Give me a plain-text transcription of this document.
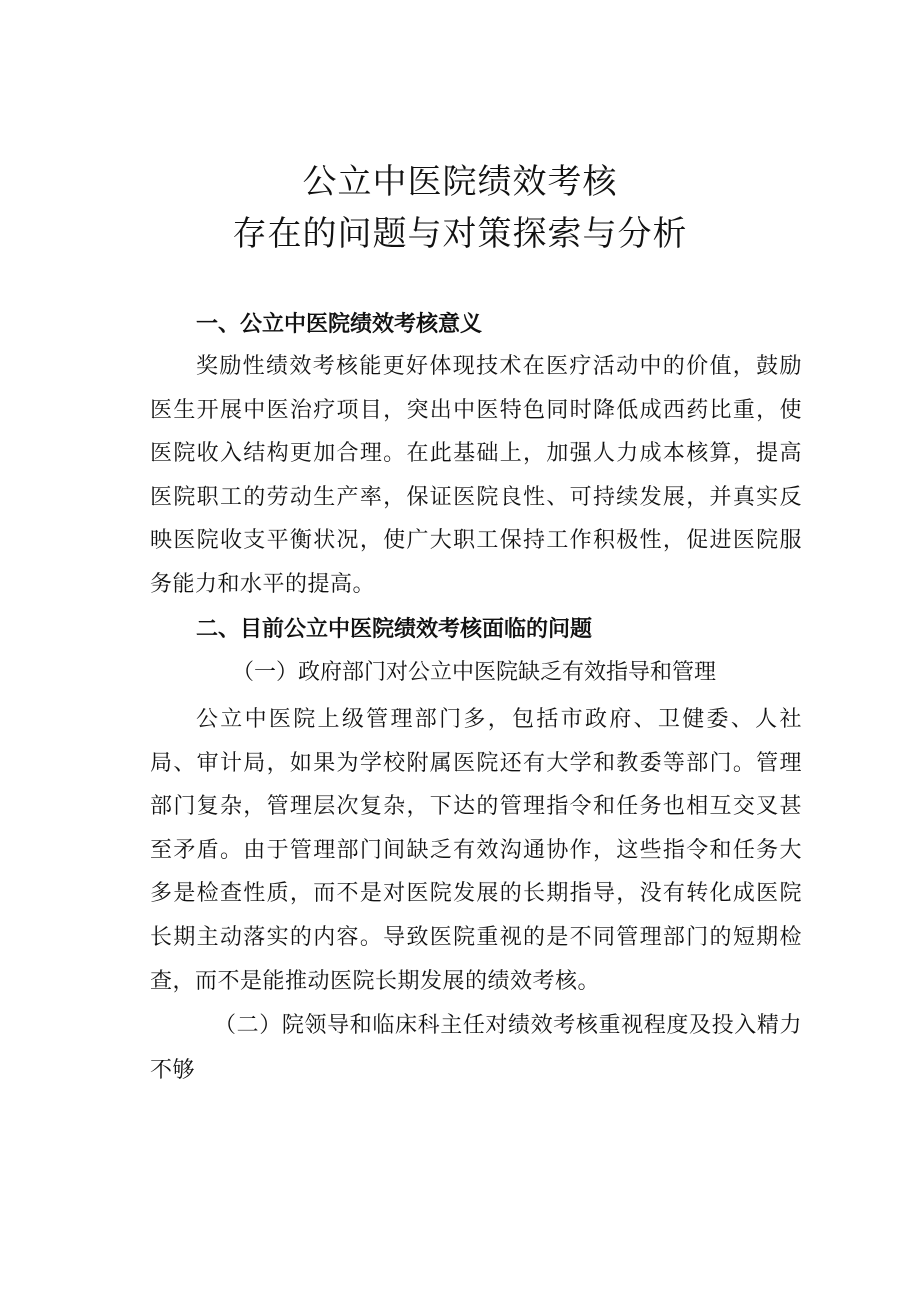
公立中医院绩效考核
存在的问题与对策探索与分析
一、公立中医院绩效考核意义

奖励性绩效考核能更好体现技术在医疗活动中的价值，鼓励医生开展中医治疗项目，突出中医特色同时降低成西药比重，使医院收入结构更加合理。在此基础上，加强人力成本核算，提高医院职工的劳动生产率，保证医院良性、可持续发展，并真实反映医院收支平衡状况，使广大职工保持工作积极性，促进医院服务能力和水平的提高。

二、目前公立中医院绩效考核面临的问题

（一）政府部门对公立中医院缺乏有效指导和管理

公立中医院上级管理部门多，包括市政府、卫健委、人社局、审计局，如果为学校附属医院还有大学和教委等部门。管理部门复杂，管理层次复杂，下达的管理指令和任务也相互交叉甚至矛盾。由于管理部门间缺乏有效沟通协作，这些指令和任务大多是检查性质，而不是对医院发展的长期指导，没有转化成医院长期主动落实的内容。导致医院重视的是不同管理部门的短期检查，而不是能推动医院长期发展的绩效考核。

（二）院领导和临床科主任对绩效考核重视程度及投入精力不够
